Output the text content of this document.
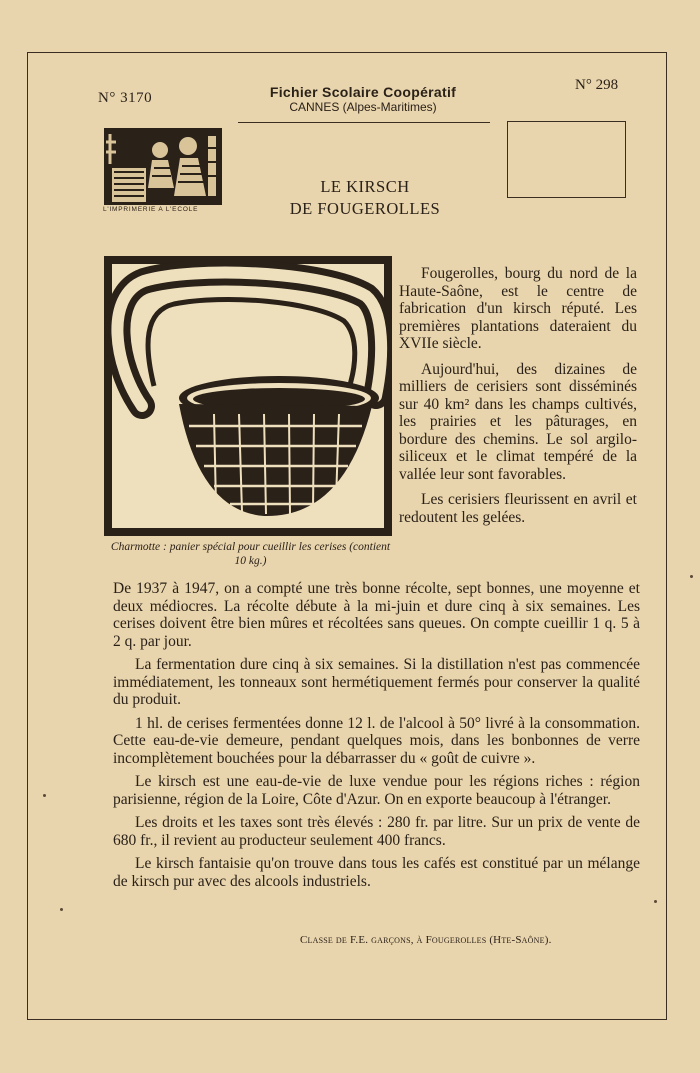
N° 3170	Fichier Scolaire Coopératif
CANNES (Alpes-Maritimes)
N° 298
L'IMPRIMERIE A L'ECOLE
LE KIRSCH
DE FOUGEROLLES
Charmotte : panier spécial pour cueillir les cerises (contient 10 kg.)

Fougerolles, bourg du nord de la Haute-Saône, est le centre de fabrication d'un kirsch réputé. Les premières plantations dateraient du XVIIe siècle.

Aujourd'hui, des dizaines de milliers de cerisiers sont disséminés sur 40 km² dans les champs cultivés, les prairies et les pâturages, en bordure des chemins. Le sol argilo-siliceux et le climat tempéré de la vallée leur sont favorables.

Les cerisiers fleurissent en avril et redoutent les gelées.

De 1937 à 1947, on a compté une très bonne récolte, sept bonnes, une moyenne et deux médiocres. La récolte débute à la mi-juin et dure cinq à six semaines. Les cerises doivent être bien mûres et récoltées sans queues. On compte cueillir 1 q. 5 à 2 q. par jour.

La fermentation dure cinq à six semaines. Si la distillation n'est pas commencée immédiatement, les tonneaux sont hermétiquement fermés pour conserver la qualité du produit.

1 hl. de cerises fermentées donne 12 l. de l'alcool à 50° livré à la consommation. Cette eau-de-vie demeure, pendant quelques mois, dans les bonbonnes de verre incomplètement bouchées pour la débarrasser du « goût de cuivre ».

Le kirsch est une eau-de-vie de luxe vendue pour les régions riches : région parisienne, région de la Loire, Côte d'Azur. On en exporte beaucoup à l'étranger.

Les droits et les taxes sont très élevés : 280 fr. par litre. Sur un prix de vente de 680 fr., il revient au producteur seulement 400 francs.

Le kirsch fantaisie qu'on trouve dans tous les cafés est constitué par un mélange de kirsch pur avec des alcools industriels.

Classe de F.E. garçons, à Fougerolles (Hte-Saône).
